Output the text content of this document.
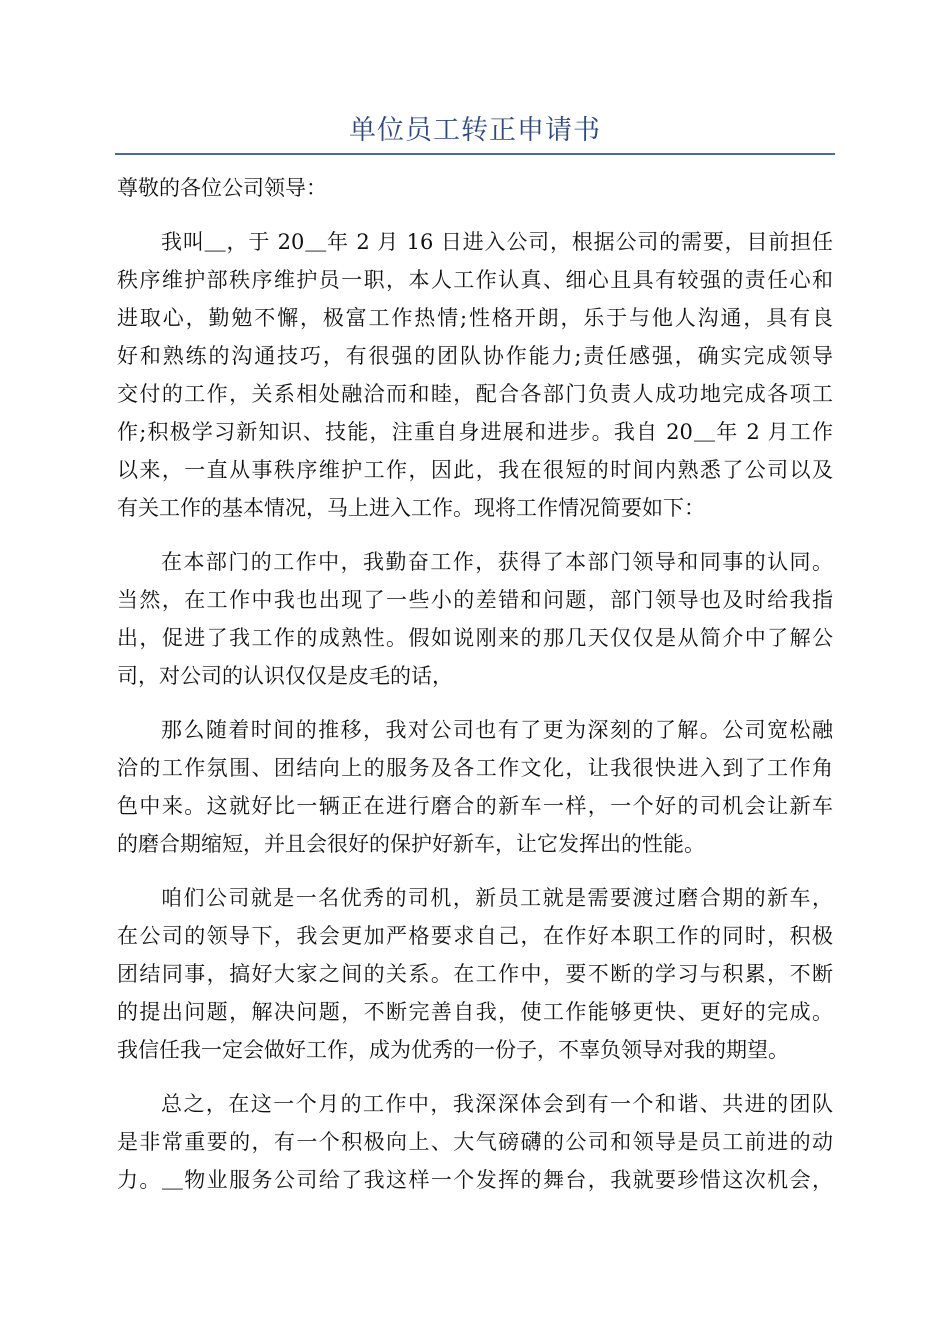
单位员工转正申请书

尊敬的各位公司领导：

我叫＿，于 20＿年 2 月 16 日进入公司，根据公司的需要，目前担任
秩序维护部秩序维护员一职，本人工作认真、细心且具有较强的责任心和
进取心，勤勉不懈，极富工作热情;性格开朗，乐于与他人沟通，具有良
好和熟练的沟通技巧，有很强的团队协作能力;责任感强，确实完成领导
交付的工作，关系相处融洽而和睦，配合各部门负责人成功地完成各项工
作;积极学习新知识、技能，注重自身进展和进步。我自 20＿年 2 月工作
以来，一直从事秩序维护工作，因此，我在很短的时间内熟悉了公司以及
有关工作的基本情况，马上进入工作。现将工作情况简要如下：

在本部门的工作中，我勤奋工作，获得了本部门领导和同事的认同。
当然，在工作中我也出现了一些小的差错和问题，部门领导也及时给我指
出，促进了我工作的成熟性。假如说刚来的那几天仅仅是从简介中了解公
司，对公司的认识仅仅是皮毛的话，

那么随着时间的推移，我对公司也有了更为深刻的了解。公司宽松融
洽的工作氛围、团结向上的服务及各工作文化，让我很快进入到了工作角
色中来。这就好比一辆正在进行磨合的新车一样，一个好的司机会让新车
的磨合期缩短，并且会很好的保护好新车，让它发挥出的性能。

咱们公司就是一名优秀的司机，新员工就是需要渡过磨合期的新车，
在公司的领导下，我会更加严格要求自己，在作好本职工作的同时，积极
团结同事，搞好大家之间的关系。在工作中，要不断的学习与积累，不断
的提出问题，解决问题，不断完善自我，使工作能够更快、更好的完成。
我信任我一定会做好工作，成为优秀的一份子，不辜负领导对我的期望。

总之，在这一个月的工作中，我深深体会到有一个和谐、共进的团队
是非常重要的，有一个积极向上、大气磅礴的公司和领导是员工前进的动
力。＿物业服务公司给了我这样一个发挥的舞台，我就要珍惜这次机会，
